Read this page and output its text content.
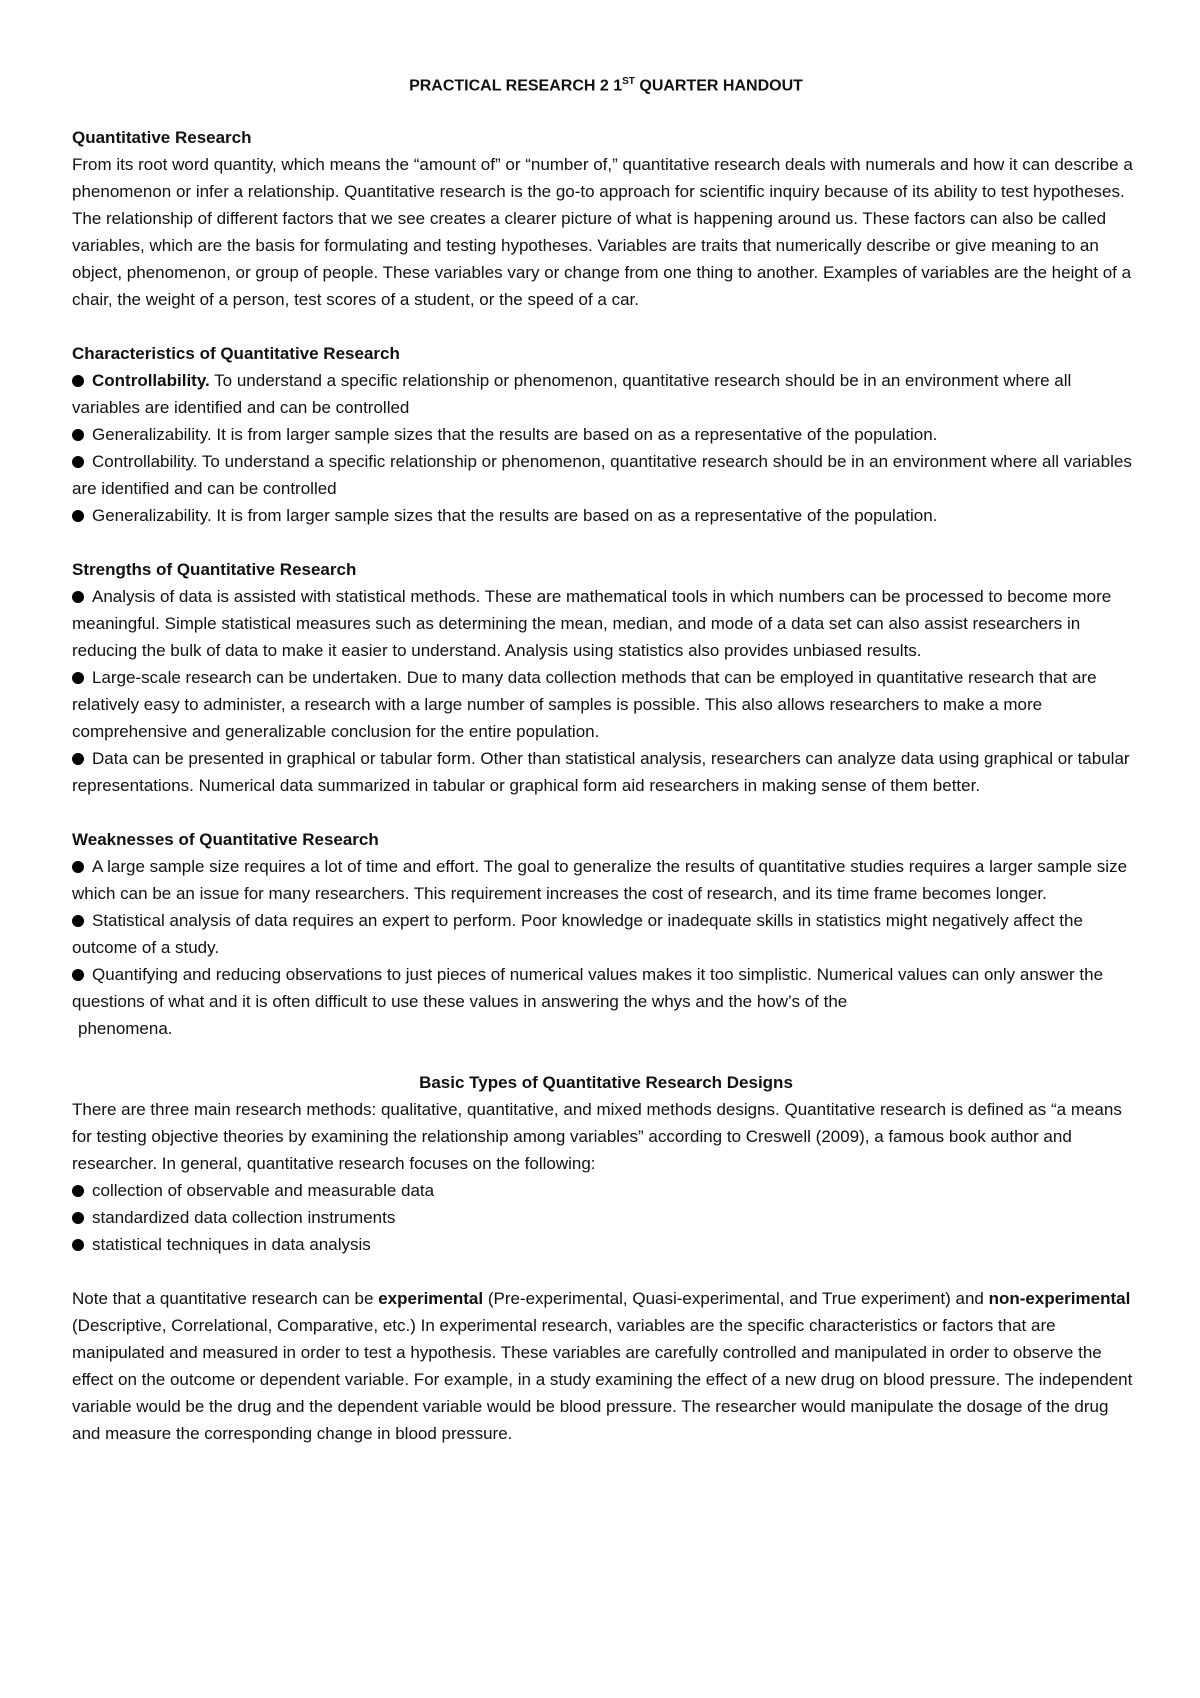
PRACTICAL RESEARCH 2 1ST QUARTER HANDOUT
Quantitative Research

From its root word quantity, which means the “amount of” or “number of,” quantitative research deals with numerals and how it can describe a phenomenon or infer a relationship. Quantitative research is the go-to approach for scientific inquiry because of its ability to test hypotheses. The relationship of different factors that we see creates a clearer picture of what is happening around us. These factors can also be called variables, which are the basis for formulating and testing hypotheses. Variables are traits that numerically describe or give meaning to an object, phenomenon, or group of people. These variables vary or change from one thing to another. Examples of variables are the height of a chair, the weight of a person, test scores of a student, or the speed of a car.

Characteristics of Quantitative Research
Controllability. To understand a specific relationship or phenomenon, quantitative research should be in an environment where all variables are identified and can be controlled
Generalizability. It is from larger sample sizes that the results are based on as a representative of the population.
Controllability. To understand a specific relationship or phenomenon, quantitative research should be in an environment where all variables are identified and can be controlled
Generalizability. It is from larger sample sizes that the results are based on as a representative of the population.
Strengths of Quantitative Research
Analysis of data is assisted with statistical methods. These are mathematical tools in which numbers can be processed to become more meaningful. Simple statistical measures such as determining the mean, median, and mode of a data set can also assist researchers in reducing the bulk of data to make it easier to understand. Analysis using statistics also provides unbiased results.
Large-scale research can be undertaken. Due to many data collection methods that can be employed in quantitative research that are relatively easy to administer, a research with a large number of samples is possible. This also allows researchers to make a more comprehensive and generalizable conclusion for the entire population.
Data can be presented in graphical or tabular form. Other than statistical analysis, researchers can analyze data using graphical or tabular representations. Numerical data summarized in tabular or graphical form aid researchers in making sense of them better.
Weaknesses of Quantitative Research
A large sample size requires a lot of time and effort. The goal to generalize the results of quantitative studies requires a larger sample size which can be an issue for many researchers. This requirement increases the cost of research, and its time frame becomes longer.
Statistical analysis of data requires an expert to perform. Poor knowledge or inadequate skills in statistics might negatively affect the outcome of a study.
Quantifying and reducing observations to just pieces of numerical values makes it too simplistic. Numerical values can only answer the questions of what and it is often difficult to use these values in answering the whys and the how’s of the
phenomena.
Basic Types of Quantitative Research Designs

There are three main research methods: qualitative, quantitative, and mixed methods designs. Quantitative research is defined as “a means for testing objective theories by examining the relationship among variables” according to Creswell (2009), a famous book author and researcher. In general, quantitative research focuses on the following:

collection of observable and measurable data
standardized data collection instruments
statistical techniques in data analysis

Note that a quantitative research can be experimental (Pre-experimental, Quasi-experimental, and True experiment) and non-experimental (Descriptive, Correlational, Comparative, etc.) In experimental research, variables are the specific characteristics or factors that are manipulated and measured in order to test a hypothesis. These variables are carefully controlled and manipulated in order to observe the effect on the outcome or dependent variable. For example, in a study examining the effect of a new drug on blood pressure. The independent variable would be the drug and the dependent variable would be blood pressure. The researcher would manipulate the dosage of the drug and measure the corresponding change in blood pressure.
